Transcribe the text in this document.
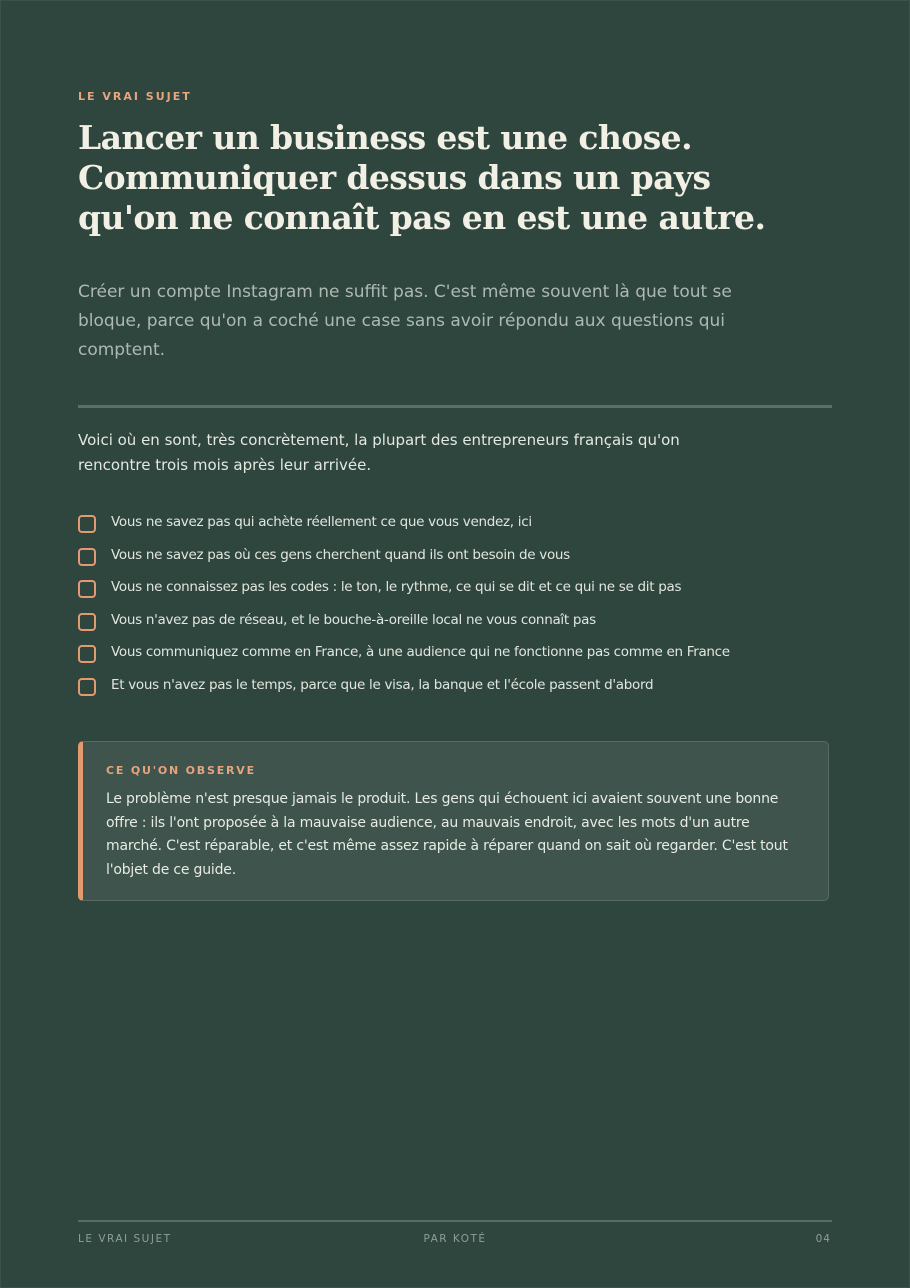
LE VRAI SUJET
Lancer un business est une chose.
Communiquer dessus dans un pays
qu'on ne connaît pas en est une autre.

Créer un compte Instagram ne suffit pas. C'est même souvent là que tout se bloque, parce qu'on a coché une case sans avoir répondu aux questions qui comptent.

Voici où en sont, très concrètement, la plupart des entrepreneurs français qu'on rencontre trois mois après leur arrivée.

Vous ne savez pas qui achète réellement ce que vous vendez, ici
Vous ne savez pas où ces gens cherchent quand ils ont besoin de vous
Vous ne connaissez pas les codes : le ton, le rythme, ce qui se dit et ce qui ne se dit pas
Vous n'avez pas de réseau, et le bouche-à-oreille local ne vous connaît pas
Vous communiquez comme en France, à une audience qui ne fonctionne pas comme en France
Et vous n'avez pas le temps, parce que le visa, la banque et l'école passent d'abord
CE QU'ON OBSERVE

Le problème n'est presque jamais le produit. Les gens qui échouent ici avaient souvent une bonne offre : ils l'ont proposée à la mauvaise audience, au mauvais endroit, avec les mots d'un autre marché. C'est réparable, et c'est même assez rapide à réparer quand on sait où regarder. C'est tout l'objet de ce guide.

LE VRAI SUJET	PAR KOTÉ	04
